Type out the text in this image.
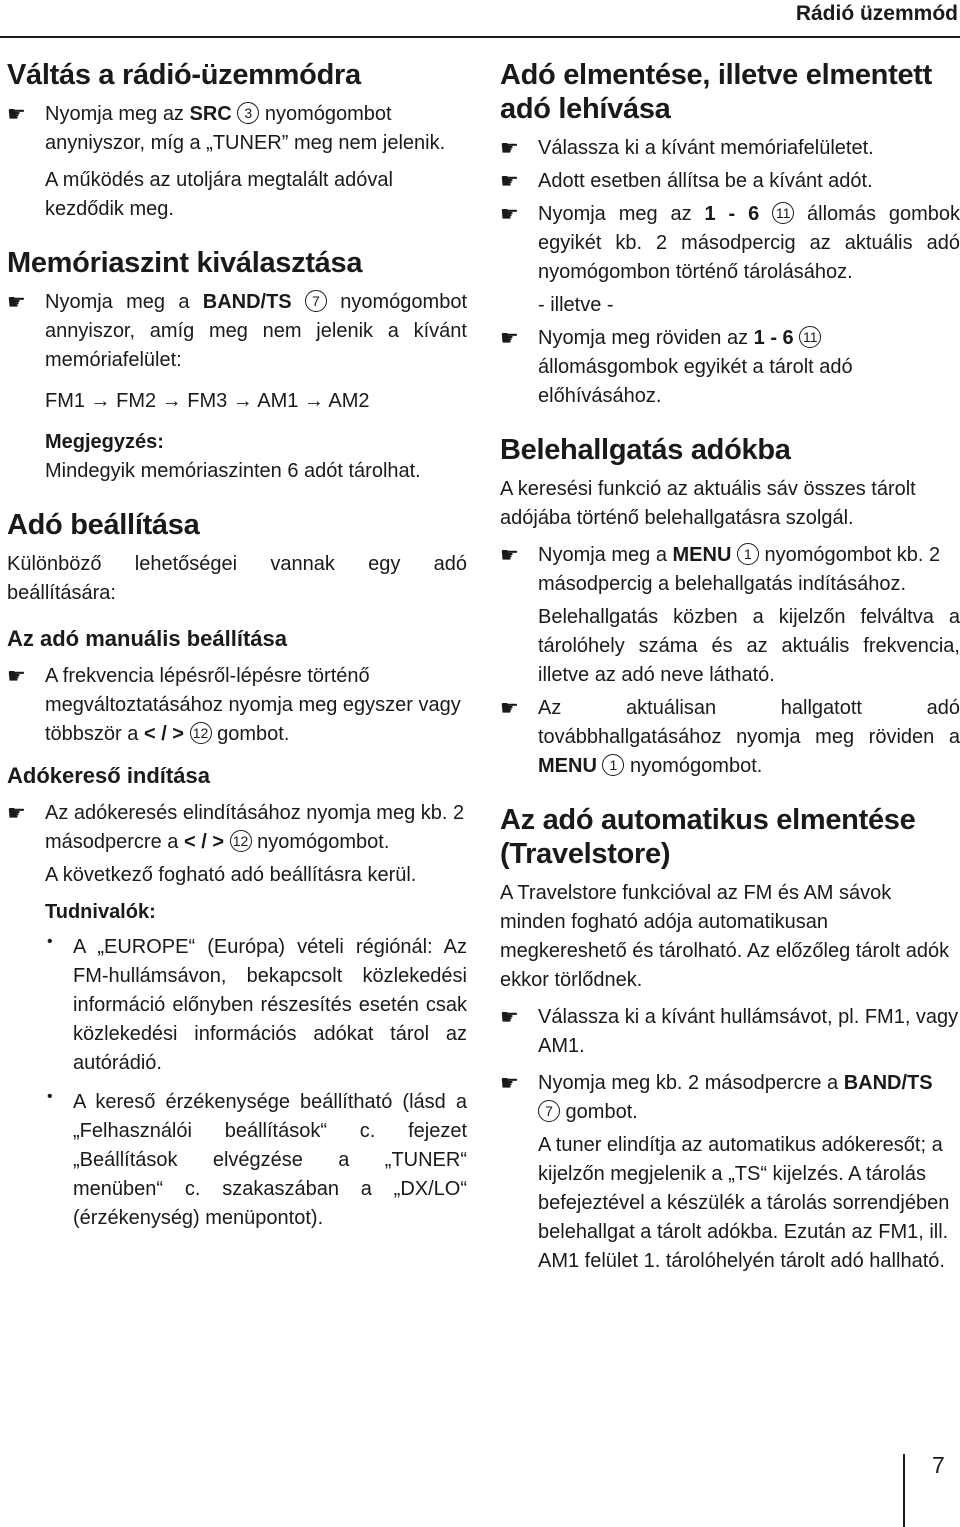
Rádió üzemmód
Váltás a rádió-üzemmódra
☛ Nyomja meg az SRC 3 nyomógombot anyniyszor, míg a „TUNER” meg nem jelenik.

A működés az utoljára megtalált adóval kezdődik meg.

Memóriaszint kiválasztása
☛ Nyomja meg a BAND/TS 7 nyomógombot annyiszor, amíg meg nem jelenik a kívánt memóriafelület:

FM1 → FM2 → FM3 → AM1 → AM2

Megjegyzés:

Mindegyik memóriaszinten 6 adót tárolhat.

Adó beállítása

Különböző lehetőségei vannak egy adó beállítására:

Az adó manuális beállítása
☛ A frekvencia lépésről-lépésre történő megváltoztatásához nyomja meg egyszer vagy többször a < / > 12 gombot.

Adókereső indítása
☛ Az adókeresés elindításához nyomja meg kb. 2 másodpercre a < / > 12 nyomógombot.

A következő fogható adó beállításra kerül.

Tudnivalók:

• A „EUROPE“ (Európa) vételi régiónál: Az FM-hullámsávon, bekapcsolt közlekedési információ előnyben részesítés esetén csak közlekedési információs adókat tárol az autórádió.

• A kereső érzékenysége beállítható (lásd a „Felhasználói beállítások“ c. fejezet „Beállítások elvégzése a „TUNER“ menüben“ c. szakaszában a „DX/LO“ (érzékenység) menüpontot).

Adó elmentése, illetve elmentett adó lehívása
☛ Válassza ki a kívánt memóriafelületet.

☛ Adott esetben állítsa be a kívánt adót.

☛ Nyomja meg az 1 - 6 11 állomás gombok egyikét kb. 2 másodpercig az aktuális adó nyomógombon történő tárolásához.

- illetve -

☛ Nyomja meg röviden az 1 - 6 11 állomásgombok egyikét a tárolt adó előhívásához.

Belehallgatás adókba

A keresési funkció az aktuális sáv összes tárolt adójába történő belehallgatásra szolgál.

☛ Nyomja meg a MENU 1 nyomógombot kb. 2 másodpercig a belehallgatás indításához.

Belehallgatás közben a kijelzőn felváltva a tárolóhely száma és az aktuális frekvencia, illetve az adó neve látható.

☛ Az aktuálisan hallgatott adó továbbhallgatásához nyomja meg röviden a MENU 1 nyomógombot.

Az adó automatikus elmentése (Travelstore)

A Travelstore funkcióval az FM és AM sávok minden fogható adója automatikusan megkereshető és tárolható. Az előzőleg tárolt adók ekkor törlődnek.

☛ Válassza ki a kívánt hullámsávot, pl. FM1, vagy AM1.

☛ Nyomja meg kb. 2 másodpercre a BAND/TS 7 gombot.

A tuner elindítja az automatikus adókeresőt; a kijelzőn megjelenik a „TS“ kijelzés. A tárolás befejeztével a készülék a tárolás sorrendjében belehallgat a tárolt adókba. Ezután az FM1, ill. AM1 felület 1. tárolóhelyén tárolt adó hallható.

7
